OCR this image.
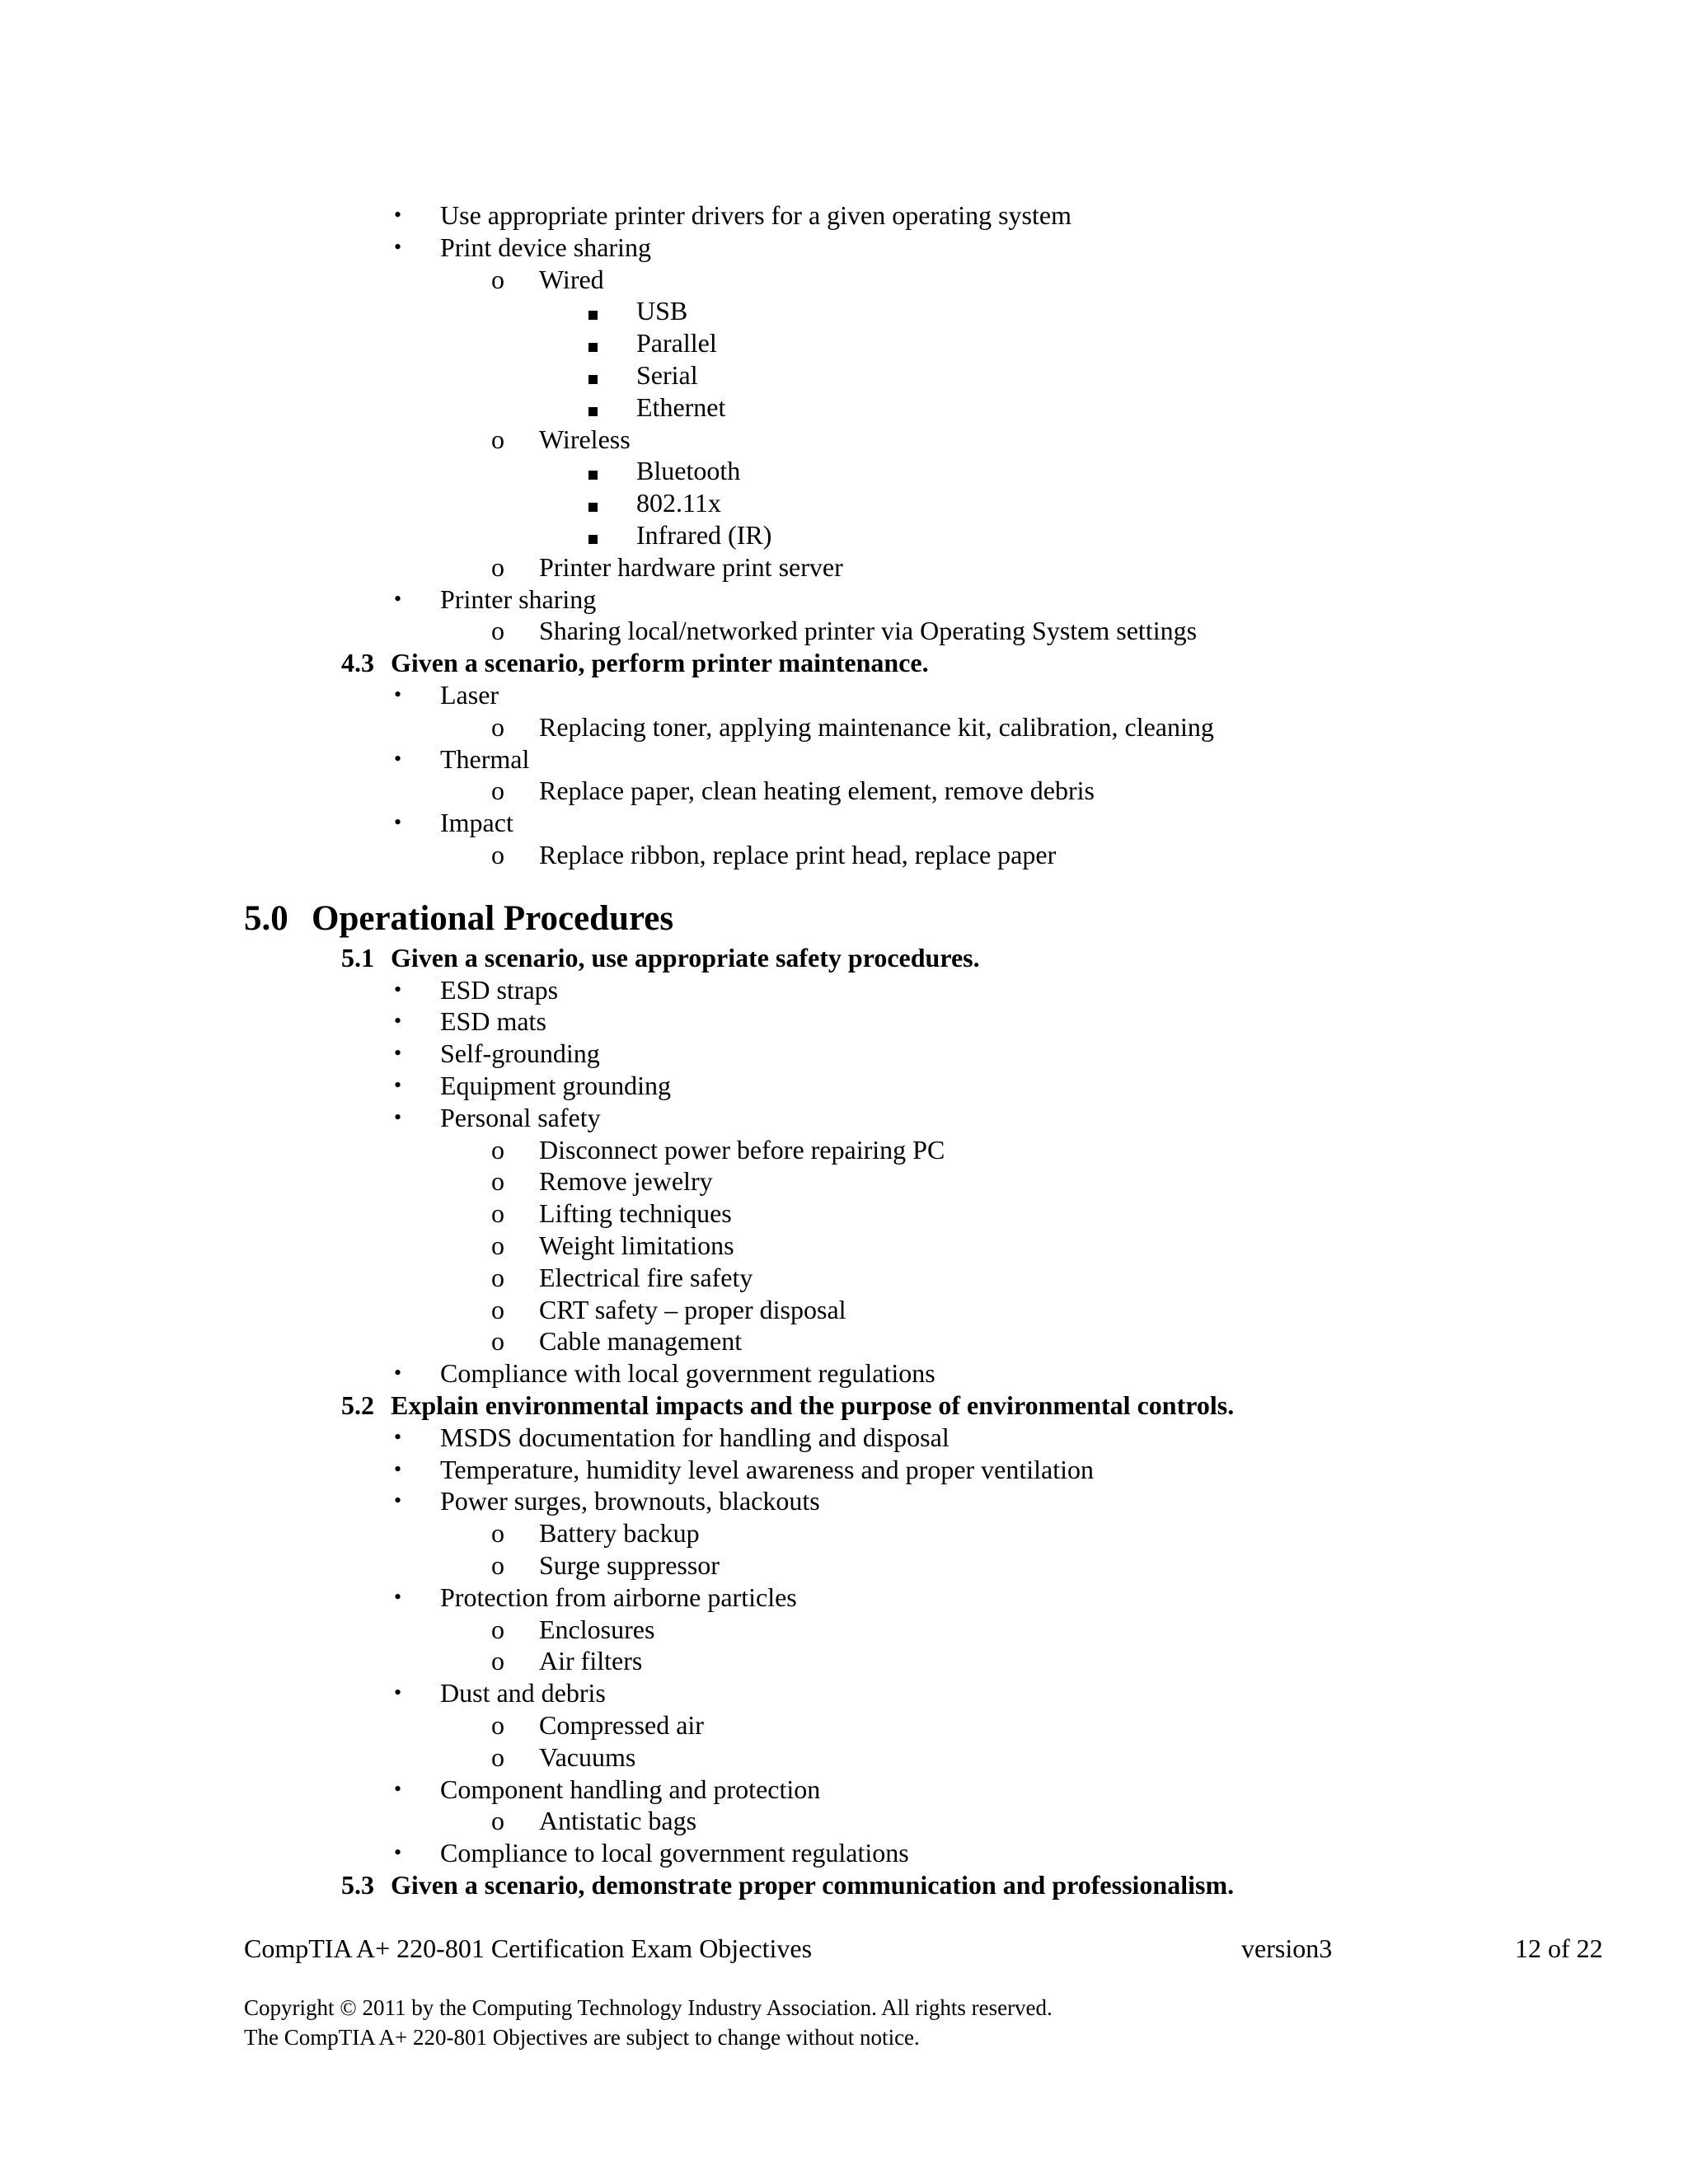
• Use appropriate printer drivers for a given operating system
• Print device sharing
o Wired
USB
Parallel
Serial
Ethernet
o Wireless
Bluetooth
802.11x
Infrared (IR)
o Printer hardware print server
• Printer sharing
o Sharing local/networked printer via Operating System settings
4.3 Given a scenario, perform printer maintenance.
• Laser
o Replacing toner, applying maintenance kit, calibration, cleaning
• Thermal
o Replace paper, clean heating element, remove debris
• Impact
o Replace ribbon, replace print head, replace paper
5.1 Given a scenario, use appropriate safety procedures.
• ESD straps
• ESD mats
• Self-grounding
• Equipment grounding
• Personal safety
o Disconnect power before repairing PC
o Remove jewelry
o Lifting techniques
o Weight limitations
o Electrical fire safety
o CRT safety – proper disposal
o Cable management
• Compliance with local government regulations
5.2 Explain environmental impacts and the purpose of environmental controls.
• MSDS documentation for handling and disposal
• Temperature, humidity level awareness and proper ventilation
• Power surges, brownouts, blackouts
o Battery backup
o Surge suppressor
• Protection from airborne particles
o Enclosures
o Air filters
• Dust and debris
o Compressed air
o Vacuums
• Component handling and protection
o Antistatic bags
• Compliance to local government regulations
5.3 Given a scenario, demonstrate proper communication and professionalism.
5.0 Operational Procedures
CompTIA A+ 220-801 Certification Exam Objectives	version3	12 of 22
Copyright © 2011 by the Computing Technology Industry Association. All rights reserved.
The CompTIA A+ 220-801 Objectives are subject to change without notice.
